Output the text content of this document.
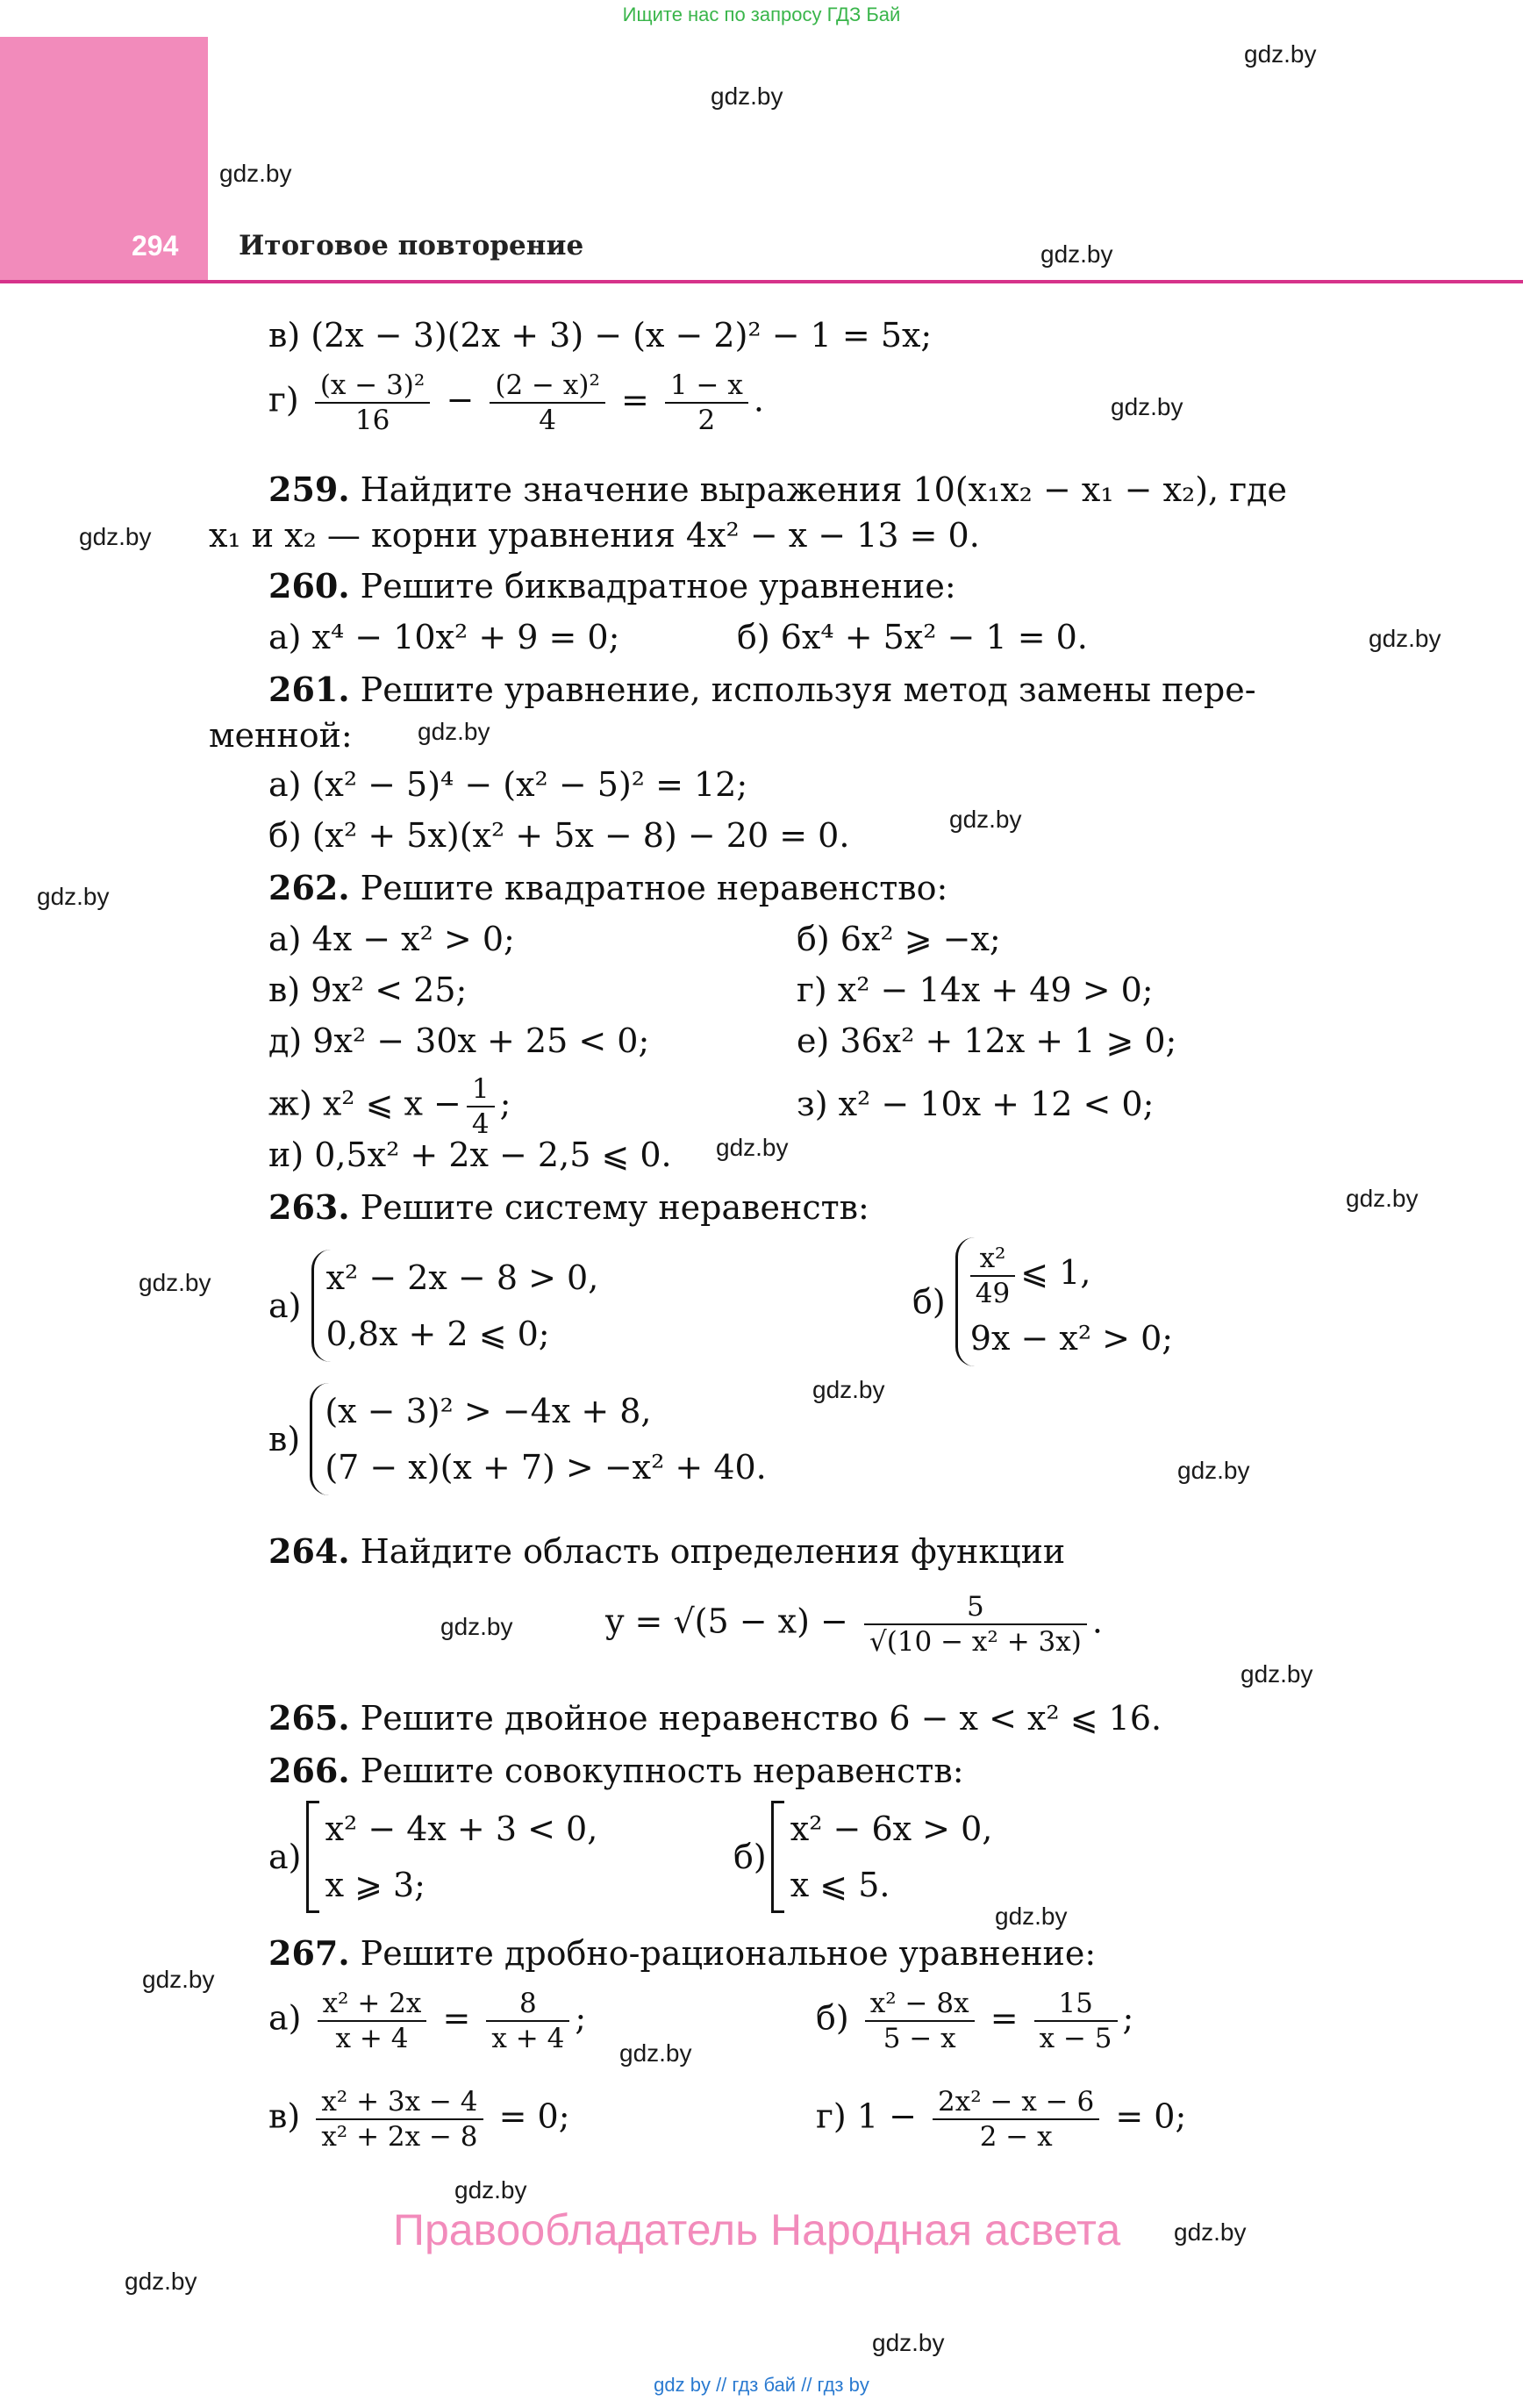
Ищите нас по запросу ГДЗ Бай
294 Итоговое повторение
gdz.by
gdz.by
gdz.by
gdz.by
gdz.by
gdz.by
gdz.by
gdz.by
gdz.by
gdz.by
gdz.by
gdz.by
gdz.by
gdz.by
gdz.by
gdz.by
gdz.by
gdz.by
gdz.by
gdz.by
gdz.by
gdz.by
gdz.by
gdz.by
в) (2x − 3)(2x + 3) − (x − 2)² − 1 = 5x;
$г) \frac{\text{(x − 3)²}}{16} - \frac{\text{(2 − x)²}}{4} = \frac{1 - x}{2}$ .
259. Найдите значение выражения 10(x₁x₂ − x₁ − x₂), где
x₁ и x₂ — корни уравнения 4x² − x − 13 = 0.
260. Решите биквадратное уравнение:
а) x⁴ − 10x² + 9 = 0;	б) 6x⁴ + 5x² − 1 = 0.
261. Решите уравнение, используя метод замены пере-
менной:
а) (x² − 5)⁴ − (x² − 5)² = 12;
б) (x² + 5x)(x² + 5x − 8) − 20 = 0.
262. Решите квадратное неравенство:
а) 4x − x² > 0;	б) 6x² ⩾ −x;
в) 9x² < 25;	г) x² − 14x + 49 > 0;
д) 9x² − 30x + 25 < 0;	е) 36x² + 12x + 1 ⩾ 0;
ж) x² ⩽ $x - \frac{1}{4}$ ;	з) x² − 10x + 12 < 0;
и) 0,5x² + 2x − 2,5 ⩽ 0.
263. Решите систему неравенств:
а)
x² − 2x − 8 > 0,
0,8x + 2 ⩽ 0;
$б) \frac{\text{x²}}{49}$ ⩽ 1,
9x − x² > 0;
в)
(x − 3)² > −4x + 8,
(7 − x)(x + 7) > −x² + 40.
264. Найдите область определения функции
$y = √(5 - x) - \frac{5}{\text{√(10 − x² + 3x)}}$ .
265. Решите двойное неравенство 6 − x < x² ⩽ 16.
266. Решите совокупность неравенств:
а)
x² − 4x + 3 < 0,
x ⩾ 3;
б)
x² − 6x > 0,
x ⩽ 5.
267. Решите дробно-рациональное уравнение:
$а) \frac{\text{x² + 2x}}{x + 4} = \frac{8}{x + 4}$ ;	$б) \frac{\text{x² − 8x}}{5 - x} = \frac{15}{x - 5}$ ;
$в) \frac{\text{x² + 3x − 4}}{\text{x² + 2x − 8}} = 0$;	г) $1 - \frac{\text{2x² − x − 6}}{2 - x} = 0$;
Правообладатель Народная асвета
gdz by // гдз бай // гдз by
